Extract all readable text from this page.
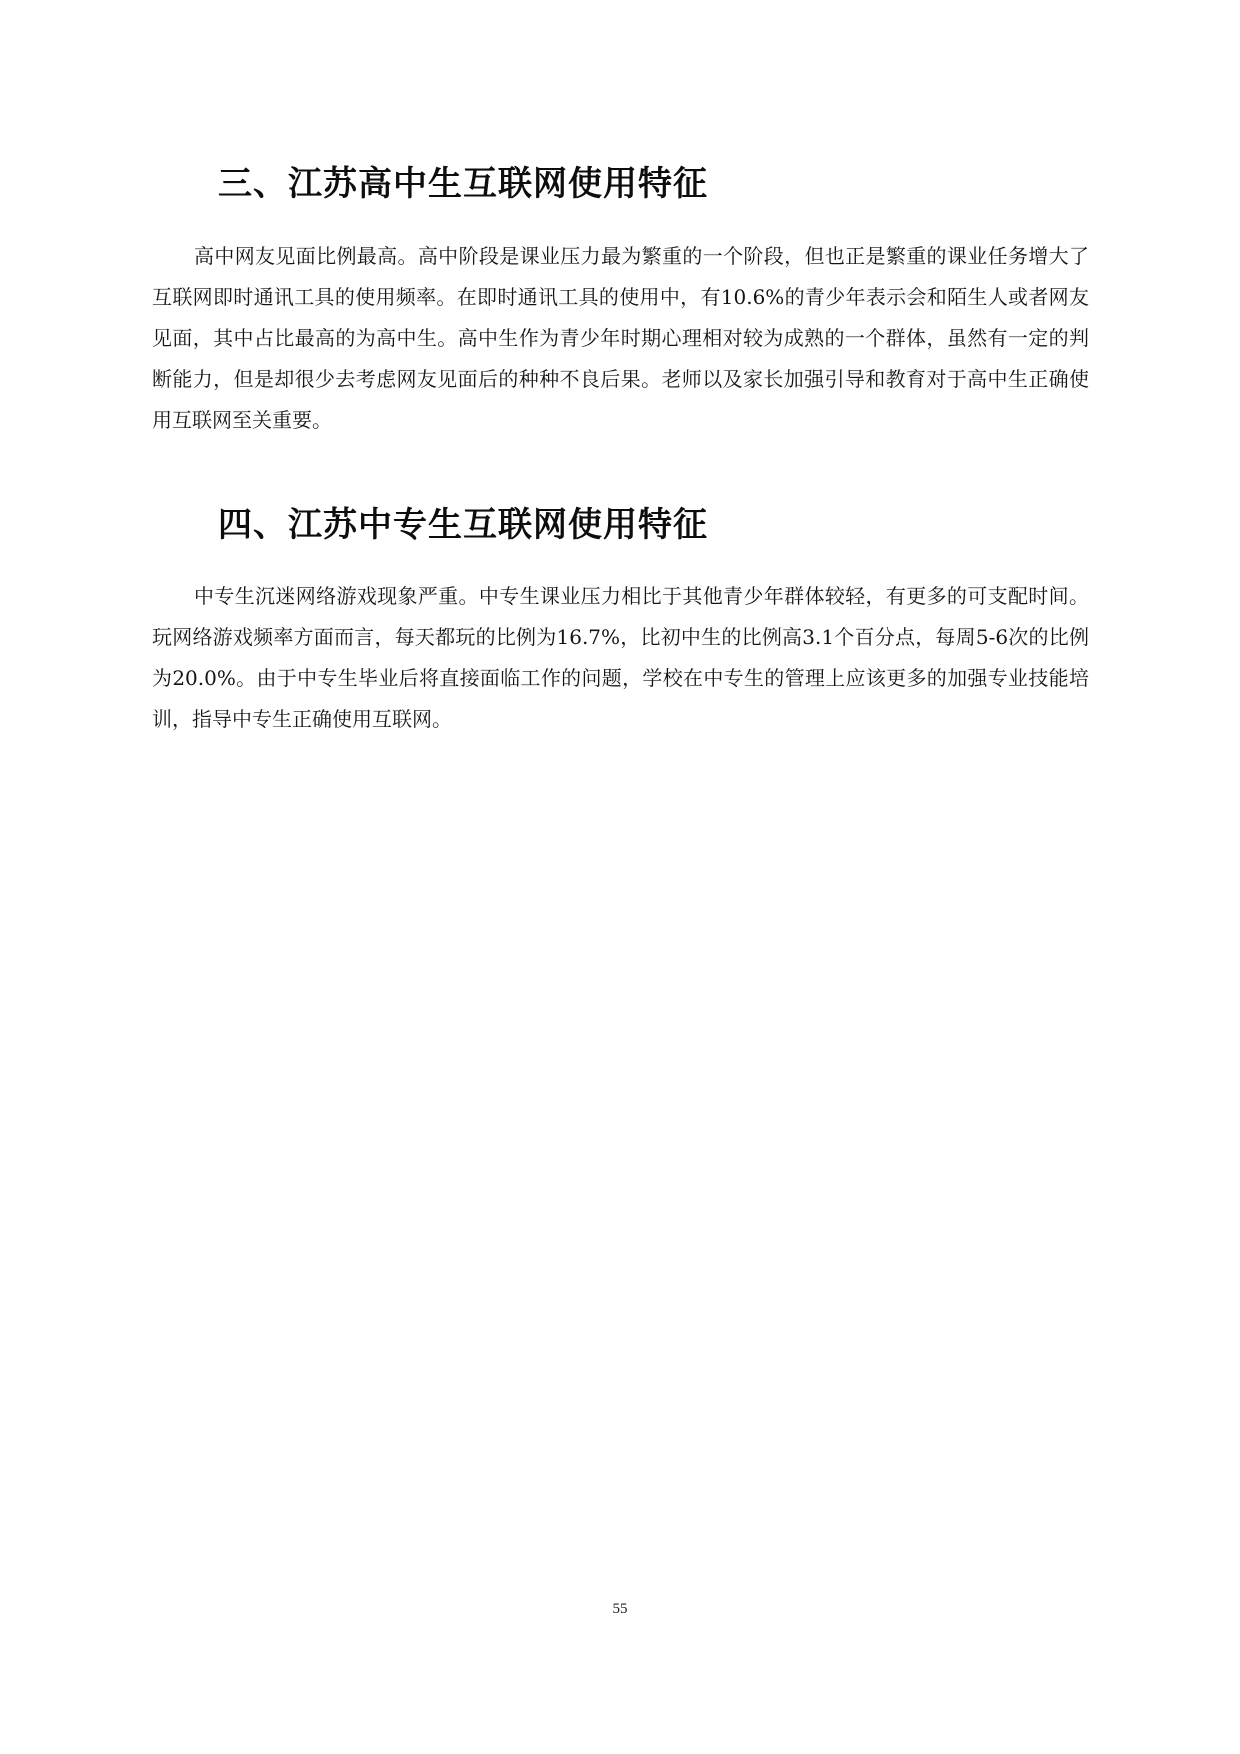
三、江苏高中生互联网使用特征

高中网友见面比例最高。高中阶段是课业压力最为繁重的一个阶段，但也正是繁重的课业任务增大了互联网即时通讯工具的使用频率。在即时通讯工具的使用中，有10.6%的青少年表示会和陌生人或者网友见面，其中占比最高的为高中生。高中生作为青少年时期心理相对较为成熟的一个群体，虽然有一定的判断能力，但是却很少去考虑网友见面后的种种不良后果。老师以及家长加强引导和教育对于高中生正确使用互联网至关重要。

四、江苏中专生互联网使用特征

中专生沉迷网络游戏现象严重。中专生课业压力相比于其他青少年群体较轻，有更多的可支配时间。玩网络游戏频率方面而言，每天都玩的比例为16.7%，比初中生的比例高3.1个百分点，每周5-6次的比例为20.0%。由于中专生毕业后将直接面临工作的问题，学校在中专生的管理上应该更多的加强专业技能培训，指导中专生正确使用互联网。

55
